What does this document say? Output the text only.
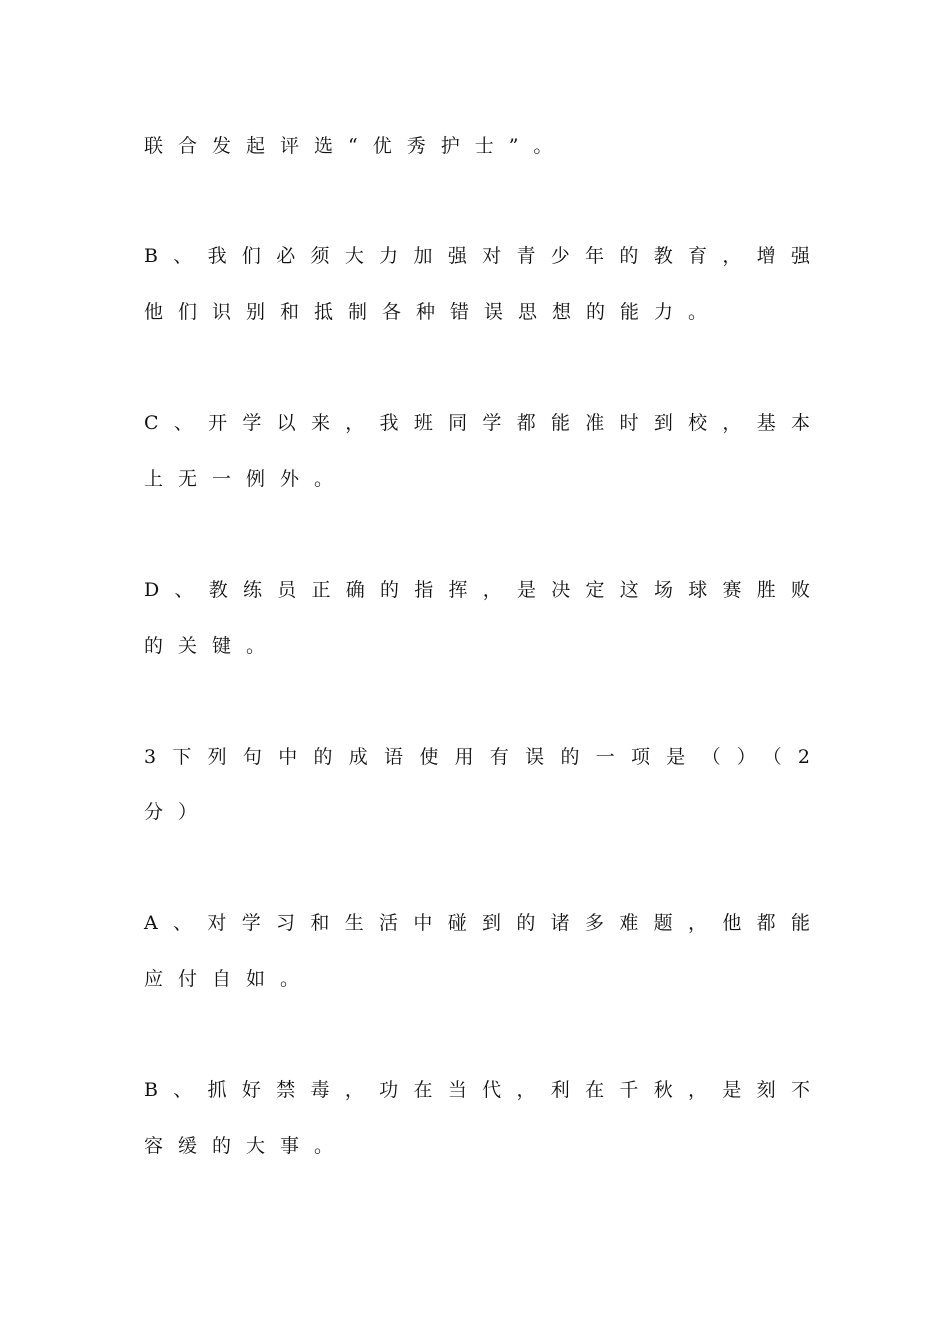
联合发起评选“优秀护士”。
B、我们必须大力加强对青少年的教育，增强
他们识别和抵制各种错误思想的能力。
C、开学以来，我班同学都能准时到校，基本
上无一例外。
D、教练员正确的指挥，是决定这场球赛胜败
的关键。
3下列句中的成语使用有误的一项是（）（2
分）
A、对学习和生活中碰到的诸多难题，他都能
应付自如。
B、抓好禁毒，功在当代，利在千秋，是刻不
容缓的大事。
